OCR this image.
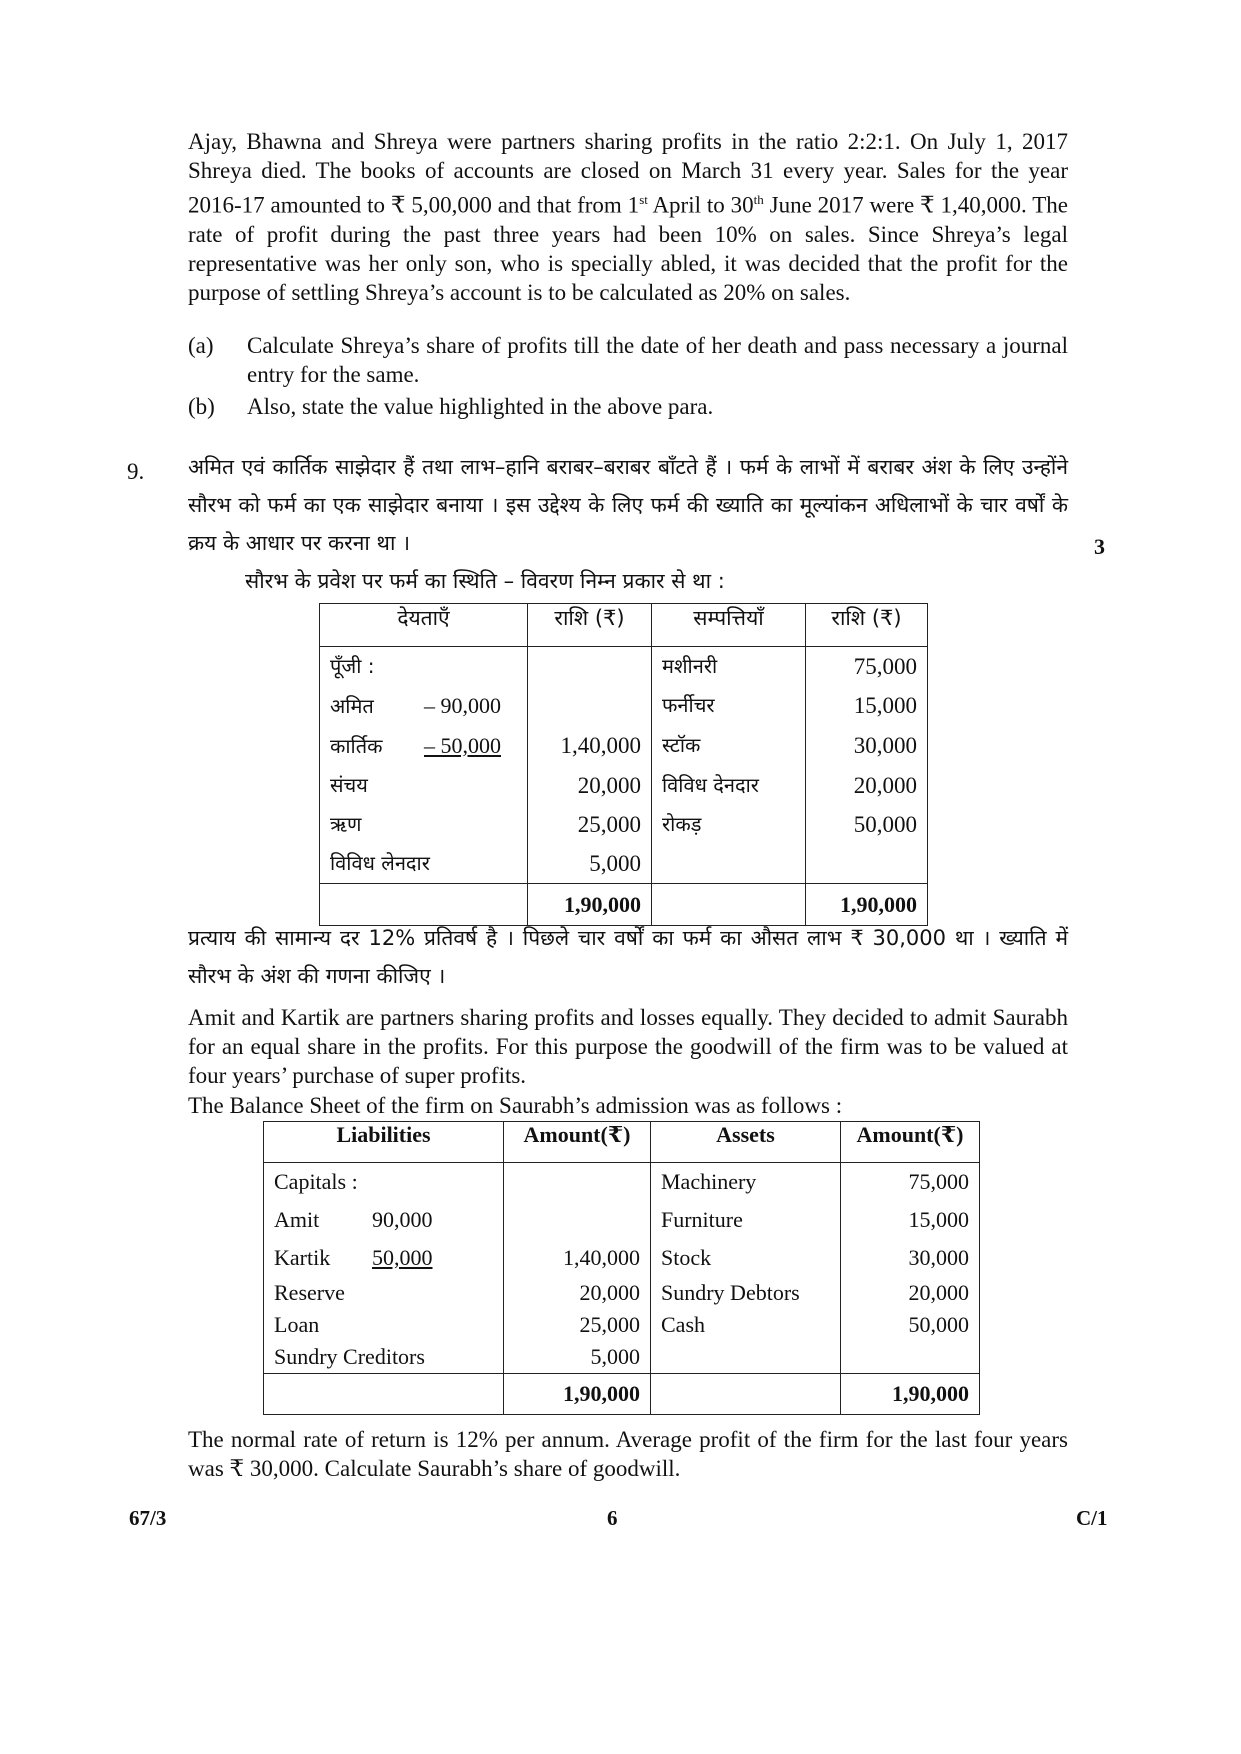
Ajay, Bhawna and Shreya were partners sharing profits in the ratio 2:2:1. On July 1, 2017 Shreya died. The books of accounts are closed on March 31 every year. Sales for the year 2016-17 amounted to ₹ 5,00,000 and that from 1st April to 30th June 2017 were ₹ 1,40,000. The rate of profit during the past three years had been 10% on sales. Since Shreya’s legal representative was her only son, who is specially abled, it was decided that the profit for the purpose of settling Shreya’s account is to be calculated as 20% on sales.

(a) Calculate Shreya’s share of profits till the date of her death and pass necessary a journal entry for the same.
(b) Also, state the value highlighted in the above para.
9.
3

अमित एवं कार्तिक साझेदार हैं तथा लाभ–हानि बराबर–बराबर बाँटते हैं । फर्म के लाभों में बराबर अंश के लिए उन्होंने सौरभ को फर्म का एक साझेदार बनाया । इस उद्देश्य के लिए फर्म की ख्याति का मूल्यांकन अधिलाभों के चार वर्षों के क्रय के आधार पर करना था ।

सौरभ के प्रवेश पर फर्म का स्थिति – विवरण निम्न प्रकार से था :

देयताएँ	राशि (₹)	सम्पत्तियाँ	राशि (₹)
पूँजी :		मशीनरी	75,000
अमित – 90,000		फर्नीचर	15,000
कार्तिक – 50,000	1,40,000	स्टॉक	30,000
संचय	20,000	विविध देनदार	20,000
ऋण	25,000	रोकड़	50,000
विविध लेनदार	5,000		
	1,90,000		1,90,000

प्रत्याय की सामान्य दर 12% प्रतिवर्ष है । पिछले चार वर्षों का फर्म का औसत लाभ ₹ 30,000 था । ख्याति में सौरभ के अंश की गणना कीजिए ।

Amit and Kartik are partners sharing profits and losses equally. They decided to admit Saurabh for an equal share in the profits. For this purpose the goodwill of the firm was to be valued at four years’ purchase of super profits.

The Balance Sheet of the firm on Saurabh’s admission was as follows :

Liabilities	Amount(₹)	Assets	Amount(₹)
Capitals :		Machinery	75,000
Amit 90,000		Furniture	15,000
Kartik 50,000	1,40,000	Stock	30,000
Reserve	20,000	Sundry Debtors	20,000
Loan	25,000	Cash	50,000
Sundry Creditors	5,000		
	1,90,000		1,90,000

The normal rate of return is 12% per annum. Average profit of the firm for the last four years was ₹ 30,000. Calculate Saurabh’s share of goodwill.

67/3	6	C/1
